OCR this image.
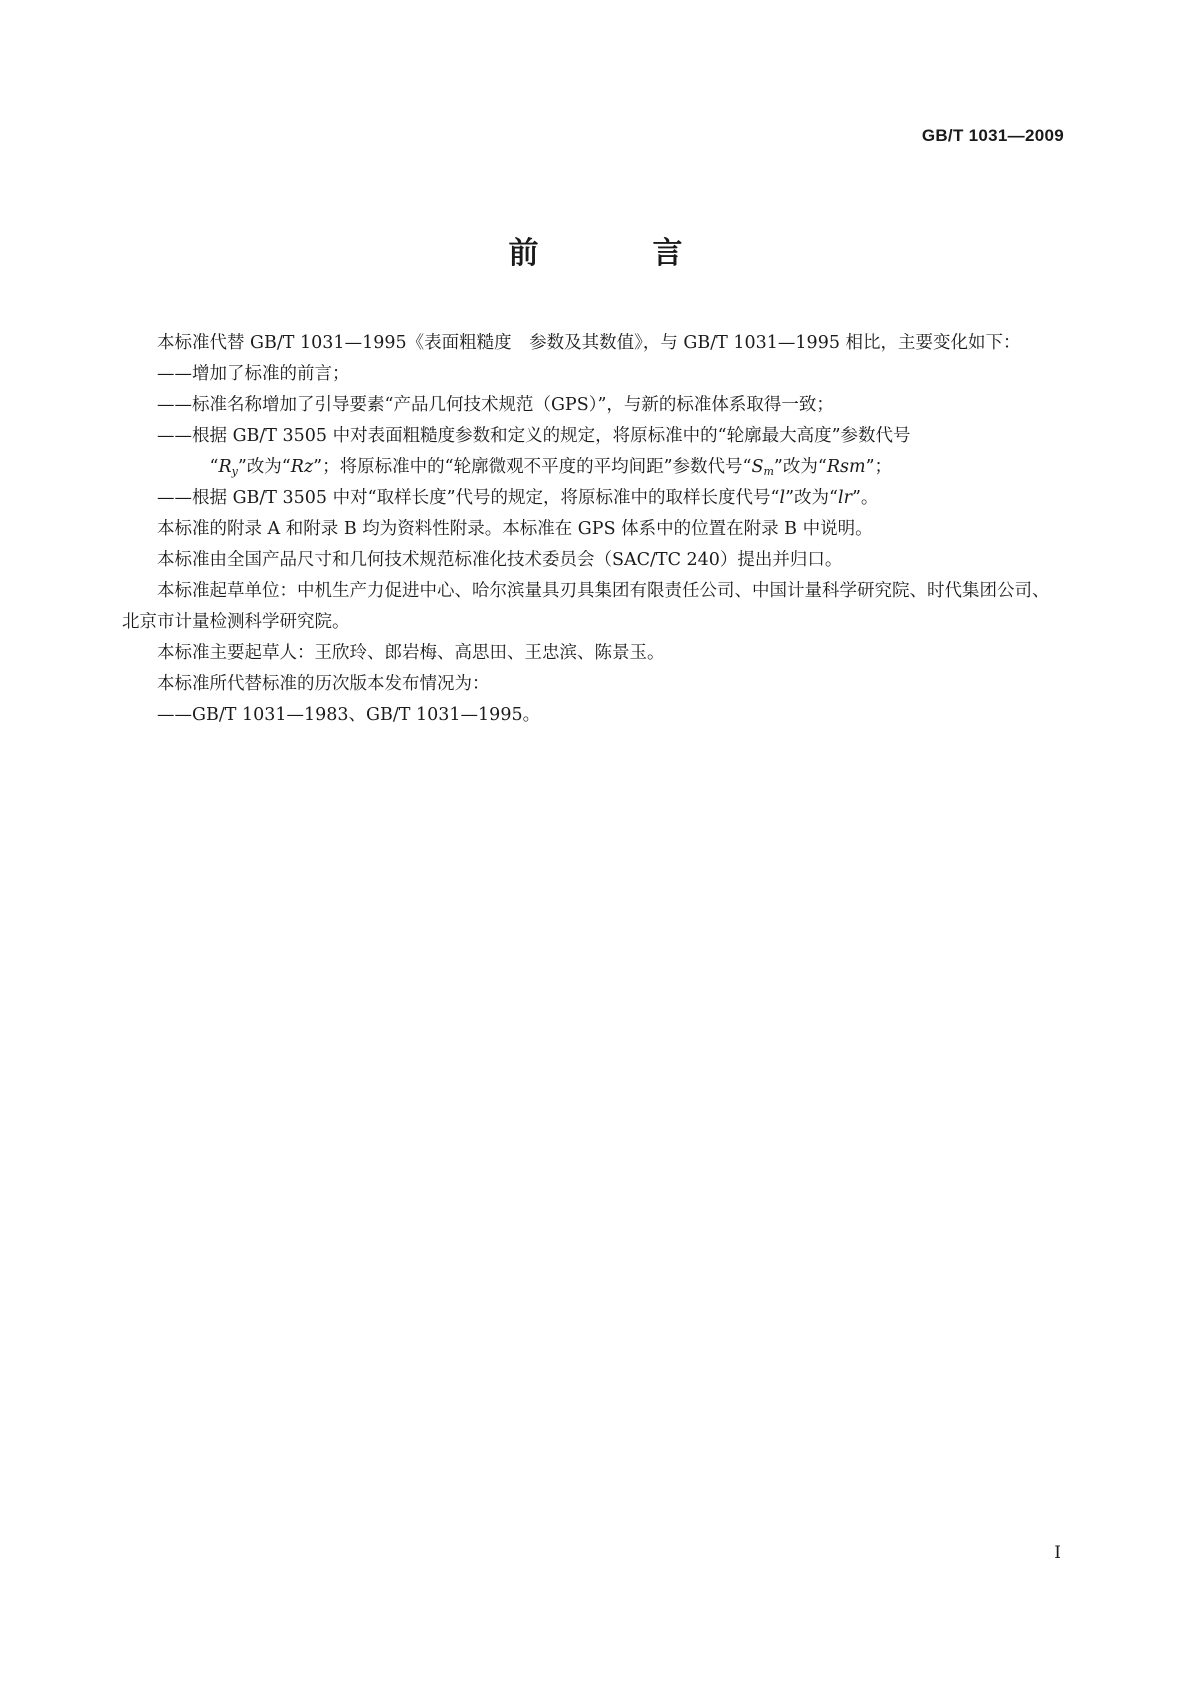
GB/T 1031—2009
前　言

本标准代替 GB/T 1031—1995《表面粗糙度　参数及其数值》，与 GB/T 1031—1995 相比，主要变化如下：

——增加了标准的前言；

——标准名称增加了引导要素“产品几何技术规范（GPS）”，与新的标准体系取得一致；

——根据 GB/T 3505 中对表面粗糙度参数和定义的规定，将原标准中的“轮廓最大高度”参数代号

“$R_y$”改为“Rz”；将原标准中的“轮廓微观不平度的平均间距”参数代号“$S_m$”改为“Rsm”；

——根据 GB/T 3505 中对“取样长度”代号的规定，将原标准中的取样长度代号“l”改为“lr”。

本标准的附录 A 和附录 B 均为资料性附录。本标准在 GPS 体系中的位置在附录 B 中说明。

本标准由全国产品尺寸和几何技术规范标准化技术委员会（SAC/TC 240）提出并归口。

本标准起草单位：中机生产力促进中心、哈尔滨量具刃具集团有限责任公司、中国计量科学研究院、时代集团公司、北京市计量检测科学研究院。

本标准主要起草人：王欣玲、郎岩梅、高思田、王忠滨、陈景玉。

本标准所代替标准的历次版本发布情况为：

——GB/T 1031—1983、GB/T 1031—1995。

I
